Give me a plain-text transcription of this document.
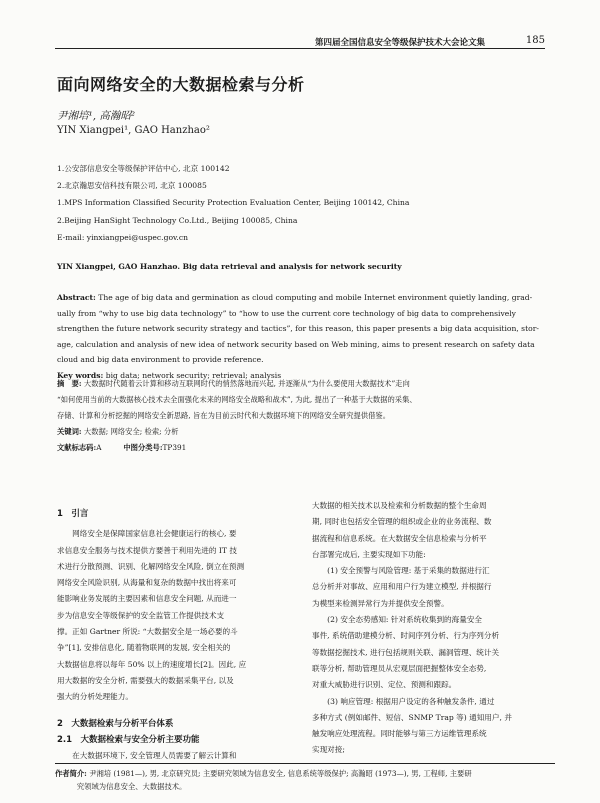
第四届全国信息安全等级保护技术大会论文集	185
面向网络安全的大数据检索与分析
尹湘培¹, 高瀚昭²
YIN Xiangpei¹, GAO Hanzhao²
1.公安部信息安全等级保护评估中心, 北京 100142
2.北京瀚思安信科技有限公司, 北京 100085
1.MPS Information Classified Security Protection Evaluation Center, Beijing 100142, China
2.Beijing HanSight Technology Co.Ltd., Beijing 100085, China
E-mail: yinxiangpei@uspec.gov.cn
YIN Xiangpei, GAO Hanzhao. Big data retrieval and analysis for network security
Abstract: The age of big data and germination as cloud computing and mobile Internet environment quietly landing, grad-
ually from “why to use big data technology” to “how to use the current core technology of big data to comprehensively
strengthen the future network security strategy and tactics”, for this reason, this paper presents a big data acquisition, stor-
age, calculation and analysis of new idea of network security based on Web mining, aims to present research on safety data
cloud and big data environment to provide reference.
Key words: big data; network security; retrieval; analysis
摘　要: 大数据时代随着云计算和移动互联网时代的悄然落地而兴起, 并逐渐从“为什么要使用大数据技术”走向
“如何使用当前的大数据核心技术去全面强化未来的网络安全战略和战术”, 为此, 提出了一种基于大数据的采集、
存储、计算和分析挖掘的网络安全新思路, 旨在为目前云时代和大数据环境下的网络安全研究提供借鉴。
关键词: 大数据; 网络安全; 检索; 分析
文献标志码:A　　　	中图分类号:TP391
1　引言
　　网络安全是保障国家信息社会健康运行的核心, 要
求信息安全服务与技术提供方要善于利用先进的 IT 技
术进行分散预测、识别、化解网络安全风险, 倒立在预测
网络安全风险识别, 从海量和复杂的数据中找出将来可
能影响业务发展的主要因素和信息安全问题, 从而进一
步为信息安全等级保护的安全监管工作提供技术支
撑。正如 Gartner 所说: “大数据安全是一场必要的斗
争”[1], 安排信息化, 随着物联网的发展, 安全相关的
大数据信息将以每年 50% 以上的速度增长[2]。因此, 应
用大数据的安全分析, 需要强大的数据采集平台, 以及
强大的分析处理能力。
2　大数据检索与分析平台体系
2.1　大数据检索与安全分析主要功能
　　在大数据环境下, 安全管理人员需要了解云计算和
大数据的相关技术以及检索和分析数据的整个生命周
期, 同时也包括安全管理的组织或企业的业务流程、数
据流程和信息系统。在大数据安全信息检索与分析平
台部署完成后, 主要实现如下功能:
　　(1) 安全预警与风险管理: 基于采集的数据进行汇
总分析并对事故、应用和用户行为建立模型, 并根据行
为模型来检测异常行为并提供安全预警。
　　(2) 安全态势感知: 针对系统收集到的海量安全
事件, 系统借助建模分析、时间序列分析、行为序列分析
等数据挖掘技术, 进行包括规则关联、漏洞管理、统计关
联等分析, 帮助管理员从宏观层面把握整体安全态势,
对重大威胁进行识别、定位、预测和跟踪。
　　(3) 响应管理: 根据用户设定的各种触发条件, 通过
多种方式 (例如邮件、短信、SNMP Trap 等) 通知用户, 并
触发响应处理流程。同时能够与第三方运维管理系统
实现对接;
作者简介: 尹湘培 (1981—), 男, 北京研究员; 主要研究领域为信息安全, 信息系统等级保护; 高瀚昭 (1973—), 男, 工程师, 主要研
　　　究领域为信息安全、大数据技术。
